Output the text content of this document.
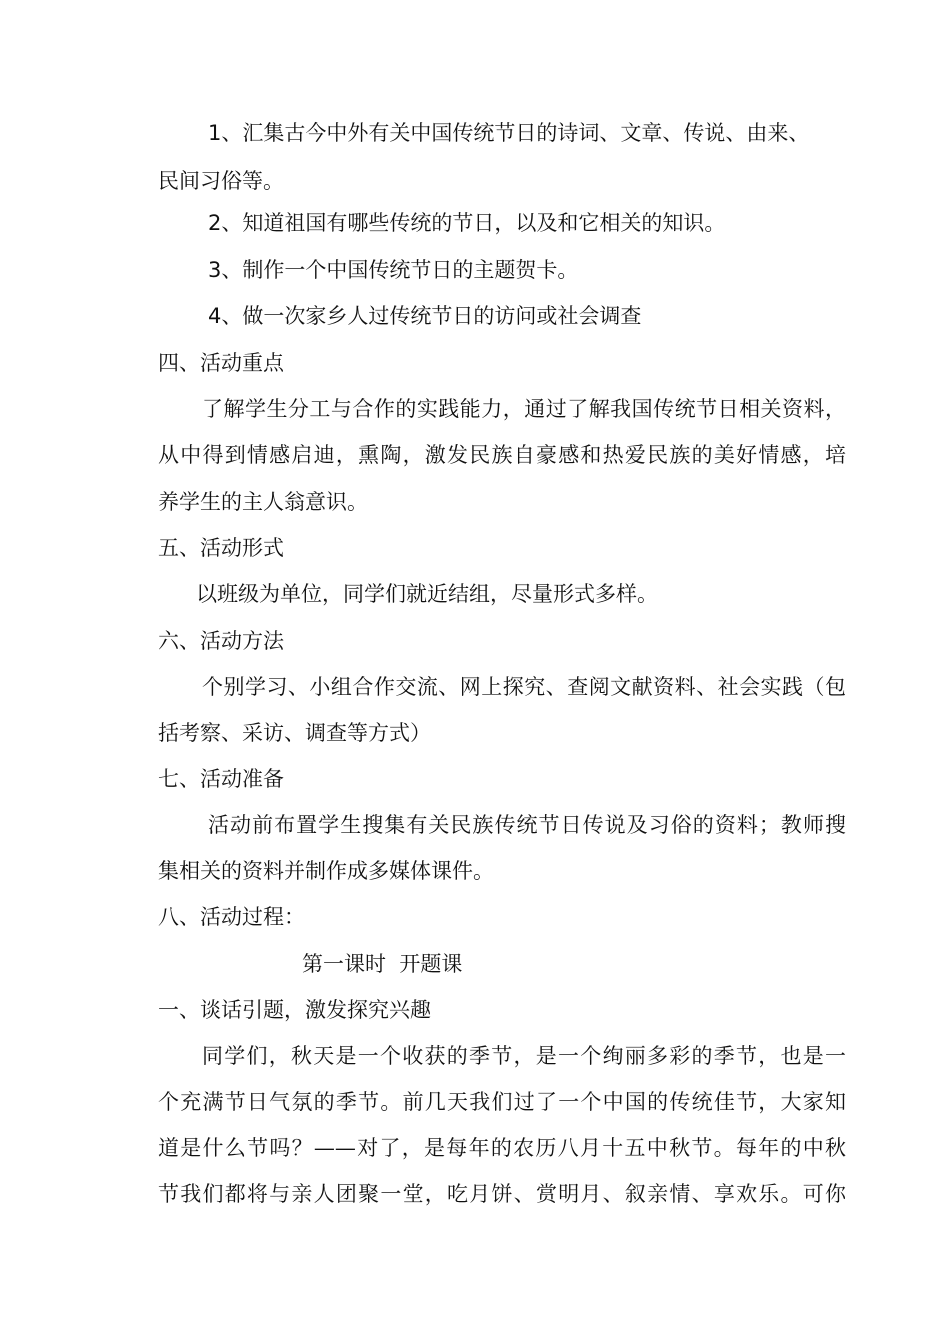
1、汇集古今中外有关中国传统节日的诗词、文章、传说、由来、
民间习俗等。
2、知道祖国有哪些传统的节日，以及和它相关的知识。
3、制作一个中国传统节日的主题贺卡。
4、做一次家乡人过传统节日的访问或社会调查
四、活动重点
了解学生分工与合作的实践能力，通过了解我国传统节日相关资料，
从中得到情感启迪，熏陶，激发民族自豪感和热爱民族的美好情感，培
养学生的主人翁意识。
五、活动形式
以班级为单位，同学们就近结组，尽量形式多样。
六、活动方法
个别学习、小组合作交流、网上探究、查阅文献资料、社会实践（包
括考察、采访、调查等方式）
七、活动准备
活动前布置学生搜集有关民族传统节日传说及习俗的资料；教师搜
集相关的资料并制作成多媒体课件。
八、活动过程：
第一课时  开题课
一、谈话引题，激发探究兴趣
同学们，秋天是一个收获的季节，是一个绚丽多彩的季节，也是一
个充满节日气氛的季节。前几天我们过了一个中国的传统佳节，大家知
道是什么节吗？——对了，是每年的农历八月十五中秋节。每年的中秋
节我们都将与亲人团聚一堂，吃月饼、赏明月、叙亲情、享欢乐。可你
